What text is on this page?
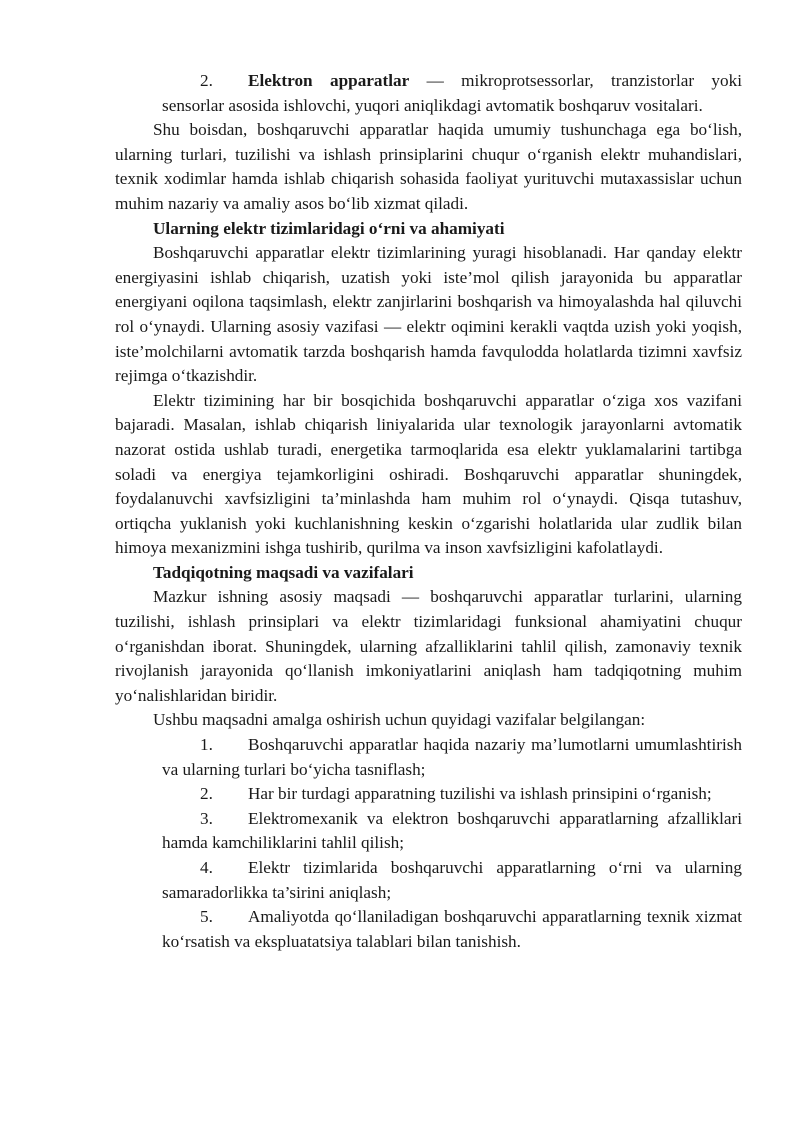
2. Elektron apparatlar — mikroprotsessorlar, tranzistorlar yoki sensorlar asosida ishlovchi, yuqori aniqlikdagi avtomatik boshqaruv vositalari.

Shu boisdan, boshqaruvchi apparatlar haqida umumiy tushunchaga ega bo‘lish, ularning turlari, tuzilishi va ishlash prinsiplarini chuqur o‘rganish elektr muhandislari, texnik xodimlar hamda ishlab chiqarish sohasida faoliyat yurituvchi mutaxassislar uchun muhim nazariy va amaliy asos bo‘lib xizmat qiladi.

Ularning elektr tizimlaridagi o‘rni va ahamiyati

Boshqaruvchi apparatlar elektr tizimlarining yuragi hisoblanadi. Har qanday elektr energiyasini ishlab chiqarish, uzatish yoki iste’mol qilish jarayonida bu apparatlar energiyani oqilona taqsimlash, elektr zanjirlarini boshqarish va himoyalashda hal qiluvchi rol o‘ynaydi. Ularning asosiy vazifasi — elektr oqimini kerakli vaqtda uzish yoki yoqish, iste’molchilarni avtomatik tarzda boshqarish hamda favqulodda holatlarda tizimni xavfsiz rejimga o‘tkazishdir.

Elektr tizimining har bir bosqichida boshqaruvchi apparatlar o‘ziga xos vazifani bajaradi. Masalan, ishlab chiqarish liniyalarida ular texnologik jarayonlarni avtomatik nazorat ostida ushlab turadi, energetika tarmoqlarida esa elektr yuklamalarini tartibga soladi va energiya tejamkorligini oshiradi. Boshqaruvchi apparatlar shuningdek, foydalanuvchi xavfsizligini ta’minlashda ham muhim rol o‘ynaydi. Qisqa tutashuv, ortiqcha yuklanish yoki kuchlanishning keskin o‘zgarishi holatlarida ular zudlik bilan himoya mexanizmini ishga tushirib, qurilma va inson xavfsizligini kafolatlaydi.

Tadqiqotning maqsadi va vazifalari

Mazkur ishning asosiy maqsadi — boshqaruvchi apparatlar turlarini, ularning tuzilishi, ishlash prinsiplari va elektr tizimlaridagi funksional ahamiyatini chuqur o‘rganishdan iborat. Shuningdek, ularning afzalliklarini tahlil qilish, zamonaviy texnik rivojlanish jarayonida qo‘llanish imkoniyatlarini aniqlash ham tadqiqotning muhim yo‘nalishlaridan biridir.

Ushbu maqsadni amalga oshirish uchun quyidagi vazifalar belgilangan:

1. Boshqaruvchi apparatlar haqida nazariy ma’lumotlarni umumlashtirish va ularning turlari bo‘yicha tasniflash;

2. Har bir turdagi apparatning tuzilishi va ishlash prinsipini o‘rganish;

3. Elektromexanik va elektron boshqaruvchi apparatlarning afzalliklari hamda kamchiliklarini tahlil qilish;

4. Elektr tizimlarida boshqaruvchi apparatlarning o‘rni va ularning samaradorlikka ta’sirini aniqlash;

5. Amaliyotda qo‘llaniladigan boshqaruvchi apparatlarning texnik xizmat ko‘rsatish va ekspluatatsiya talablari bilan tanishish.
